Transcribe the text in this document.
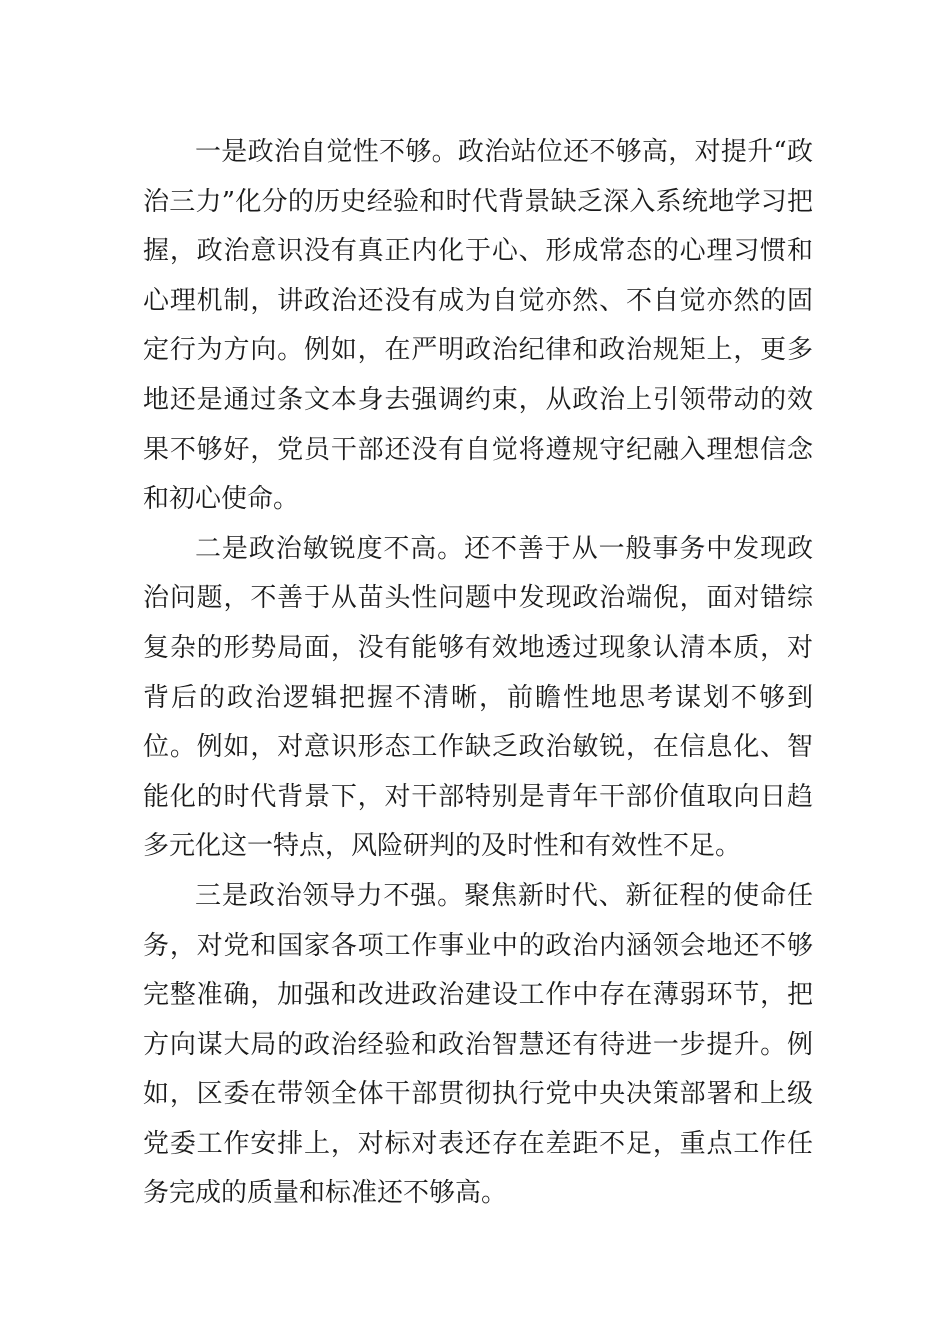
一是政治自觉性不够。政治站位还不够高，对提升“政治三力”化分的历史经验和时代背景缺乏深入系统地学习把握，政治意识没有真正内化于心、形成常态的心理习惯和心理机制，讲政治还没有成为自觉亦然、不自觉亦然的固定行为方向。例如，在严明政治纪律和政治规矩上，更多地还是通过条文本身去强调约束，从政治上引领带动的效果不够好，党员干部还没有自觉将遵规守纪融入理想信念和初心使命。

二是政治敏锐度不高。还不善于从一般事务中发现政治问题，不善于从苗头性问题中发现政治端倪，面对错综复杂的形势局面，没有能够有效地透过现象认清本质，对背后的政治逻辑把握不清晰，前瞻性地思考谋划不够到位。例如，对意识形态工作缺乏政治敏锐，在信息化、智能化的时代背景下，对干部特别是青年干部价值取向日趋多元化这一特点，风险研判的及时性和有效性不足。

三是政治领导力不强。聚焦新时代、新征程的使命任务，对党和国家各项工作事业中的政治内涵领会地还不够完整准确，加强和改进政治建设工作中存在薄弱环节，把方向谋大局的政治经验和政治智慧还有待进一步提升。例如，区委在带领全体干部贯彻执行党中央决策部署和上级党委工作安排上，对标对表还存在差距不足，重点工作任务完成的质量和标准还不够高。
